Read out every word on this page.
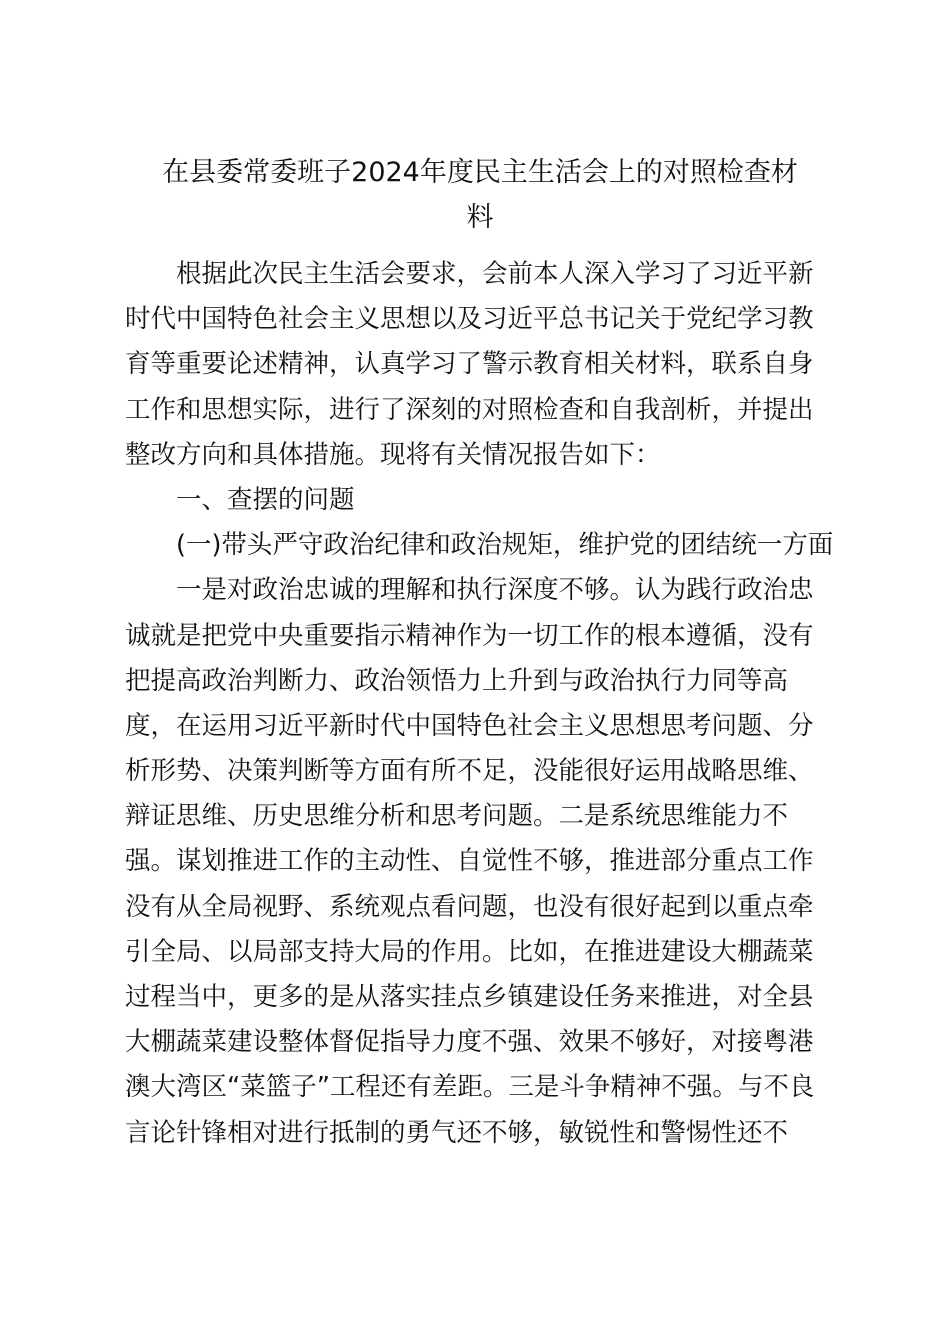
在县委常委班子2024年度民主生活会上的对照检查材
料
根据此次民主生活会要求，会前本人深入学习了习近平新
时代中国特色社会主义思想以及习近平总书记关于党纪学习教
育等重要论述精神，认真学习了警示教育相关材料，联系自身
工作和思想实际，进行了深刻的对照检查和自我剖析，并提出
整改方向和具体措施。现将有关情况报告如下：
一、查摆的问题
(一)带头严守政治纪律和政治规矩，维护党的团结统一方面
一是对政治忠诚的理解和执行深度不够。认为践行政治忠
诚就是把党中央重要指示精神作为一切工作的根本遵循，没有
把提高政治判断力、政治领悟力上升到与政治执行力同等高
度，在运用习近平新时代中国特色社会主义思想思考问题、分
析形势、决策判断等方面有所不足，没能很好运用战略思维、
辩证思维、历史思维分析和思考问题。二是系统思维能力不
强。谋划推进工作的主动性、自觉性不够，推进部分重点工作
没有从全局视野、系统观点看问题，也没有很好起到以重点牵
引全局、以局部支持大局的作用。比如，在推进建设大棚蔬菜
过程当中，更多的是从落实挂点乡镇建设任务来推进，对全县
大棚蔬菜建设整体督促指导力度不强、效果不够好，对接粤港
澳大湾区“菜篮子”工程还有差距。三是斗争精神不强。与不良
言论针锋相对进行抵制的勇气还不够，敏锐性和警惕性还不
